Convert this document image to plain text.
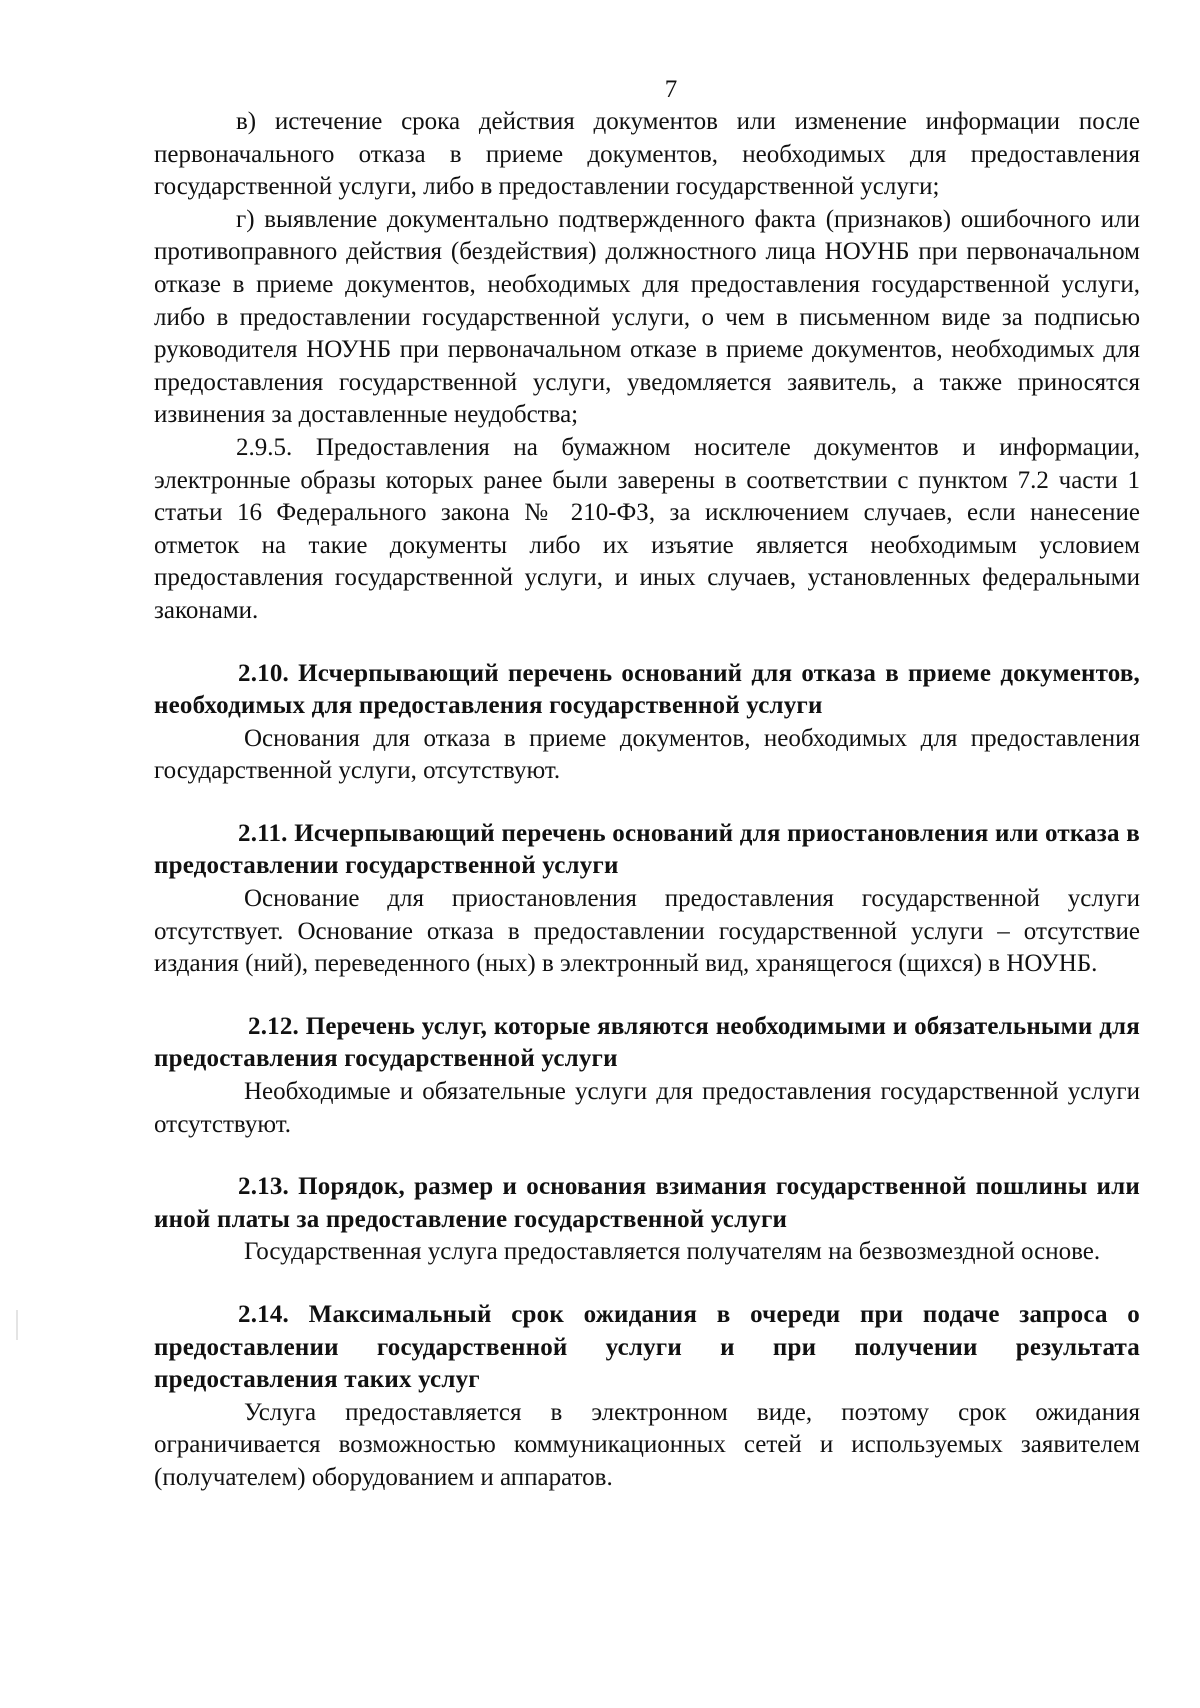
7

в) истечение срока действия документов или изменение информации после первоначального отказа в приеме документов, необходимых для предоставления государственной услуги, либо в предоставлении государственной услуги;

г) выявление документально подтвержденного факта (признаков) ошибочного или противоправного действия (бездействия) должностного лица НОУНБ при первоначальном отказе в приеме документов, необходимых для предоставления государственной услуги, либо в предоставлении государственной услуги, о чем в письменном виде за подписью руководителя НОУНБ при первоначальном отказе в приеме документов, необходимых для предоставления государственной услуги, уведомляется заявитель, а также приносятся извинения за доставленные неудобства;

2.9.5. Предоставления на бумажном носителе документов и информации, электронные образы которых ранее были заверены в соответствии с пунктом 7.2 части 1 статьи 16 Федерального закона № 210-ФЗ, за исключением случаев, если нанесение отметок на такие документы либо их изъятие является необходимым условием предоставления государственной услуги, и иных случаев, установленных федеральными законами.

2.10. Исчерпывающий перечень оснований для отказа в приеме документов, необходимых для предоставления государственной услуги

Основания для отказа в приеме документов, необходимых для предоставления государственной услуги, отсутствуют.

2.11. Исчерпывающий перечень оснований для приостановления или отказа в предоставлении государственной услуги

Основание для приостановления предоставления государственной услуги отсутствует. Основание отказа в предоставлении государственной услуги – отсутствие издания (ний), переведенного (ных) в электронный вид, хранящегося (щихся) в НОУНБ.

2.12. Перечень услуг, которые являются необходимыми и обязательными для предоставления государственной услуги

Необходимые и обязательные услуги для предоставления государственной услуги отсутствуют.

2.13. Порядок, размер и основания взимания государственной пошлины или иной платы за предоставление государственной услуги

Государственная услуга предоставляется получателям на безвозмездной основе.

2.14. Максимальный срок ожидания в очереди при подаче запроса о предоставлении государственной услуги и при получении результата предоставления таких услуг

Услуга предоставляется в электронном виде, поэтому срок ожидания ограничивается возможностью коммуникационных сетей и используемых заявителем (получателем) оборудованием и аппаратов.
